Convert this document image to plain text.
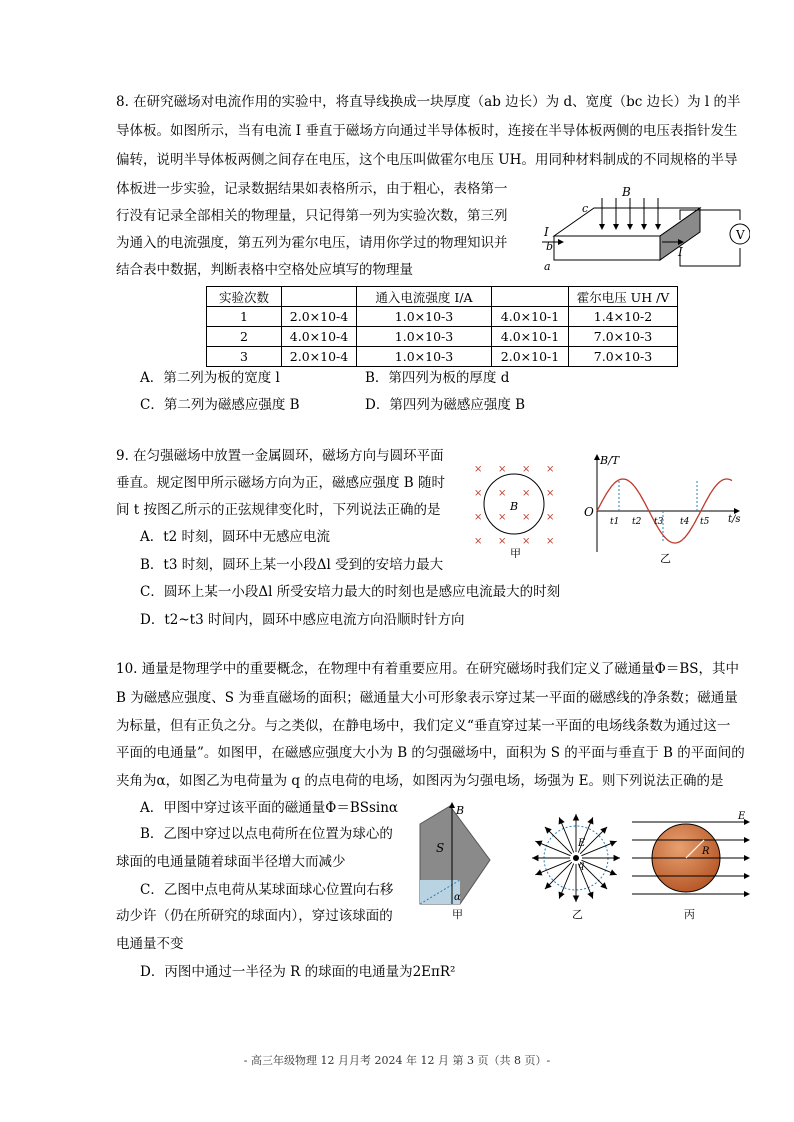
8. 在研究磁场对电流作用的实验中，将直导线换成一块厚度（ab 边长）为 d、宽度（bc 边长）为 l 的半
导体板。如图所示，当有电流 I 垂直于磁场方向通过半导体板时，连接在半导体板两侧的电压表指针发生
偏转，说明半导体板两侧之间存在电压，这个电压叫做霍尔电压 UH。用同种材料制成的不同规格的半导
体板进一步实验，记录数据结果如表格所示，由于粗心，表格第一
行没有记录全部相关的物理量，只记得第一列为实验次数，第三列
为通入的电流强度，第五列为霍尔电压，请用你学过的物理知识并
结合表中数据，判断表格中空格处应填写的物理量
V
B
c
b
a
I
I
实验次数		通入电流强度 I/A		霍尔电压 UH /V
1	2.0×10-4	1.0×10-3	4.0×10-1	1.4×10-2
2	4.0×10-4	1.0×10-3	4.0×10-1	7.0×10-3
3	2.0×10-4	1.0×10-3	2.0×10-1	7.0×10-3
A．第二列为板的宽度 l	B．第四列为板的厚度 d
C．第二列为磁感应强度 B	D．第四列为磁感应强度 B
9. 在匀强磁场中放置一金属圆环，磁场方向与圆环平面
垂直。规定图甲所示磁场方向为正，磁感应强度 B 随时
间 t 按图乙所示的正弦规律变化时，下列说法正确的是
× × × ×
× × × ×
× × × ×
× × × ×
B
甲
B/T
t/s
O
t1 t2 t3 t4 t5
乙
A．t2 时刻，圆环中无感应电流
B．t3 时刻，圆环上某一小段Δl 受到的安培力最大
C．圆环上某一小段Δl 所受安培力最大的时刻也是感应电流最大的时刻
D．t2~t3 时间内，圆环中感应电流方向沿顺时针方向
10. 通量是物理学中的重要概念，在物理中有着重要应用。在研究磁场时我们定义了磁通量Φ＝BS，其中
B 为磁感应强度、S 为垂直磁场的面积；磁通量大小可形象表示穿过某一平面的磁感线的净条数；磁通量
为标量，但有正负之分。与之类似，在静电场中，我们定义“垂直穿过某一平面的电场线条数为通过这一
平面的电通量”。如图甲，在磁感应强度大小为 B 的匀强磁场中，面积为 S 的平面与垂直于 B 的平面间的
夹角为α，如图乙为电荷量为 q 的点电荷的电场，如图丙为匀强电场，场强为 E。则下列说法正确的是
A．甲图中穿过该平面的磁通量Φ＝BSsinα
B．乙图中穿过以点电荷所在位置为球心的
球面的电通量随着球面半径增大而减少
C．乙图中点电荷从某球面球心位置向右移
动少许（仍在所研究的球面内），穿过该球面的
电通量不变
D．丙图中通过一半径为 R 的球面的电通量为2EπR²
B
S
α
甲
E
q
乙
E
R
丙
- 高三年级物理 12 月月考 2024 年 12 月 第 3 页（共 8 页）-
